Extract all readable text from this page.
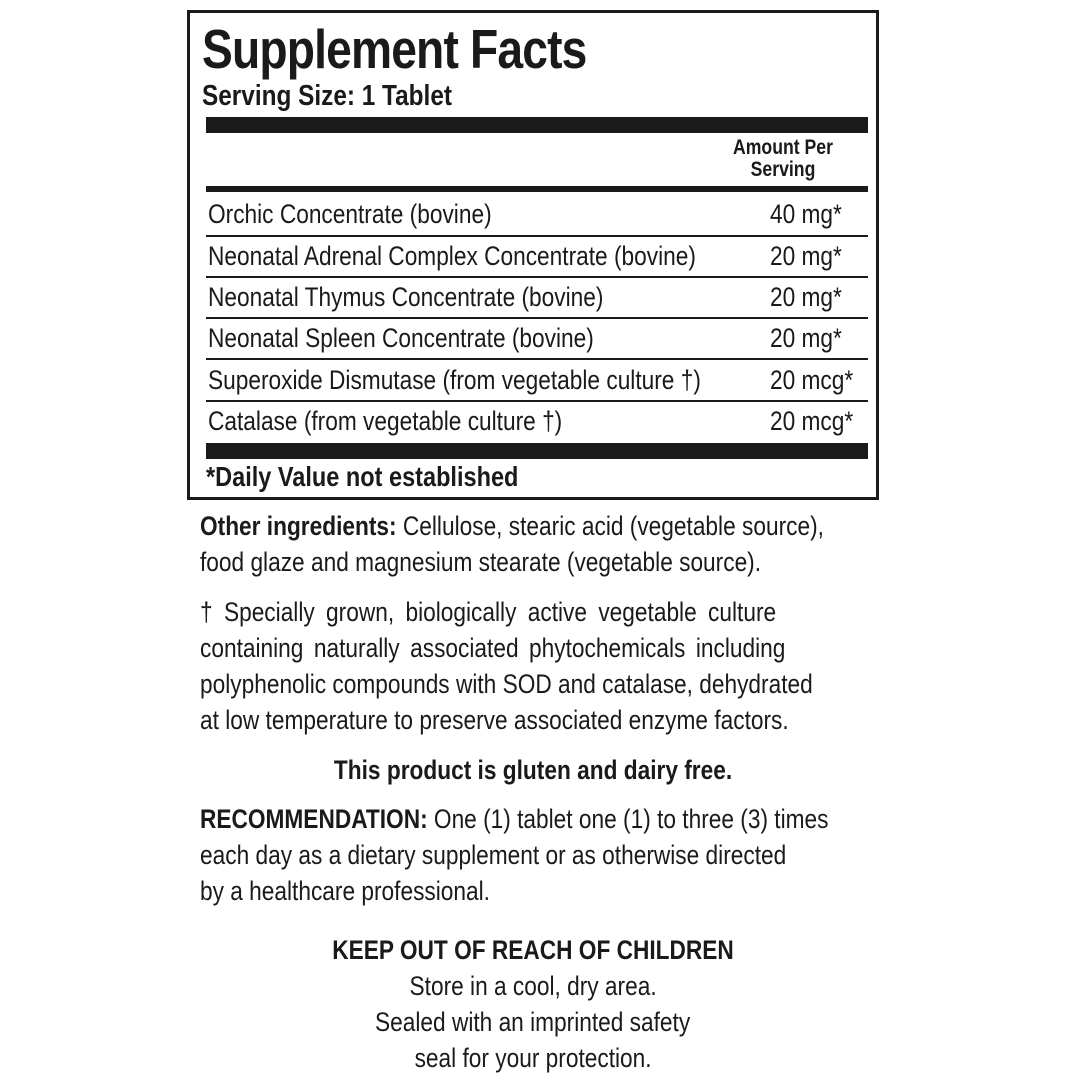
Supplement Facts
Serving Size: 1 Tablet
Amount Per
Serving
Orchic Concentrate (bovine)	40 mg*
Neonatal Adrenal Complex Concentrate (bovine)	20 mg*
Neonatal Thymus Concentrate (bovine)	20 mg*
Neonatal Spleen Concentrate (bovine)	20 mg*
Superoxide Dismutase (from vegetable culture †)	20 mcg*
Catalase (from vegetable culture †)	20 mcg*
*Daily Value not established
Other ingredients: Cellulose, stearic acid (vegetable source),
food glaze and magnesium stearate (vegetable source).
† Specially grown, biologically active vegetable culture
containing naturally associated phytochemicals including
polyphenolic compounds with SOD and catalase, dehydrated
at low temperature to preserve associated enzyme factors.
This product is gluten and dairy free.
RECOMMENDATION: One (1) tablet one (1) to three (3) times
each day as a dietary supplement or as otherwise directed
by a healthcare professional.
KEEP OUT OF REACH OF CHILDREN
Store in a cool, dry area.
Sealed with an imprinted safety
seal for your protection.
